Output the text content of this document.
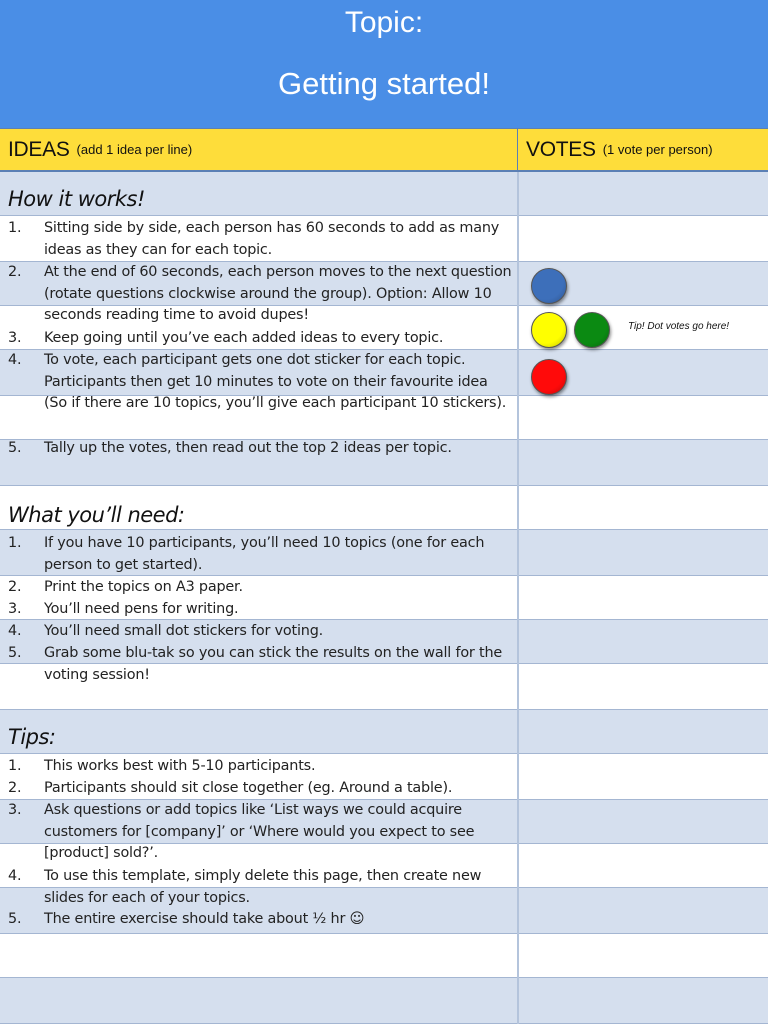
Topic:
Getting started!
IDEAS (add 1 idea per line)	VOTES (1 vote per person)
How it works!
1. Sitting side by side, each person has 60 seconds to add as many ideas as they can for each topic.
2. At the end of 60 seconds, each person moves to the next question (rotate questions clockwise around the group). Option: Allow 10 seconds reading time to avoid dupes!
3. Keep going until you’ve each added ideas to every topic.
4. To vote, each participant gets one dot sticker for each topic. Participants then get 10 minutes to vote on their favourite idea (So if there are 10 topics, you’ll give each participant 10 stickers).
5. Tally up the votes, then read out the top 2 ideas per topic.
What you’ll need:
1. If you have 10 participants, you’ll need 10 topics (one for each person to get started).
2. Print the topics on A3 paper.
3. You’ll need pens for writing.
4. You’ll need small dot stickers for voting.
5. Grab some blu-tak so you can stick the results on the wall for the voting session!
Tips:
1. This works best with 5-10 participants.
2. Participants should sit close together (eg. Around a table).
3. Ask questions or add topics like ‘List ways we could acquire customers for [company]’ or ‘Where would you expect to see [product] sold?’.
4. To use this template, simply delete this page, then create new slides for each of your topics.
5. The entire exercise should take about ½ hr ☺
Tip! Dot votes go here!
